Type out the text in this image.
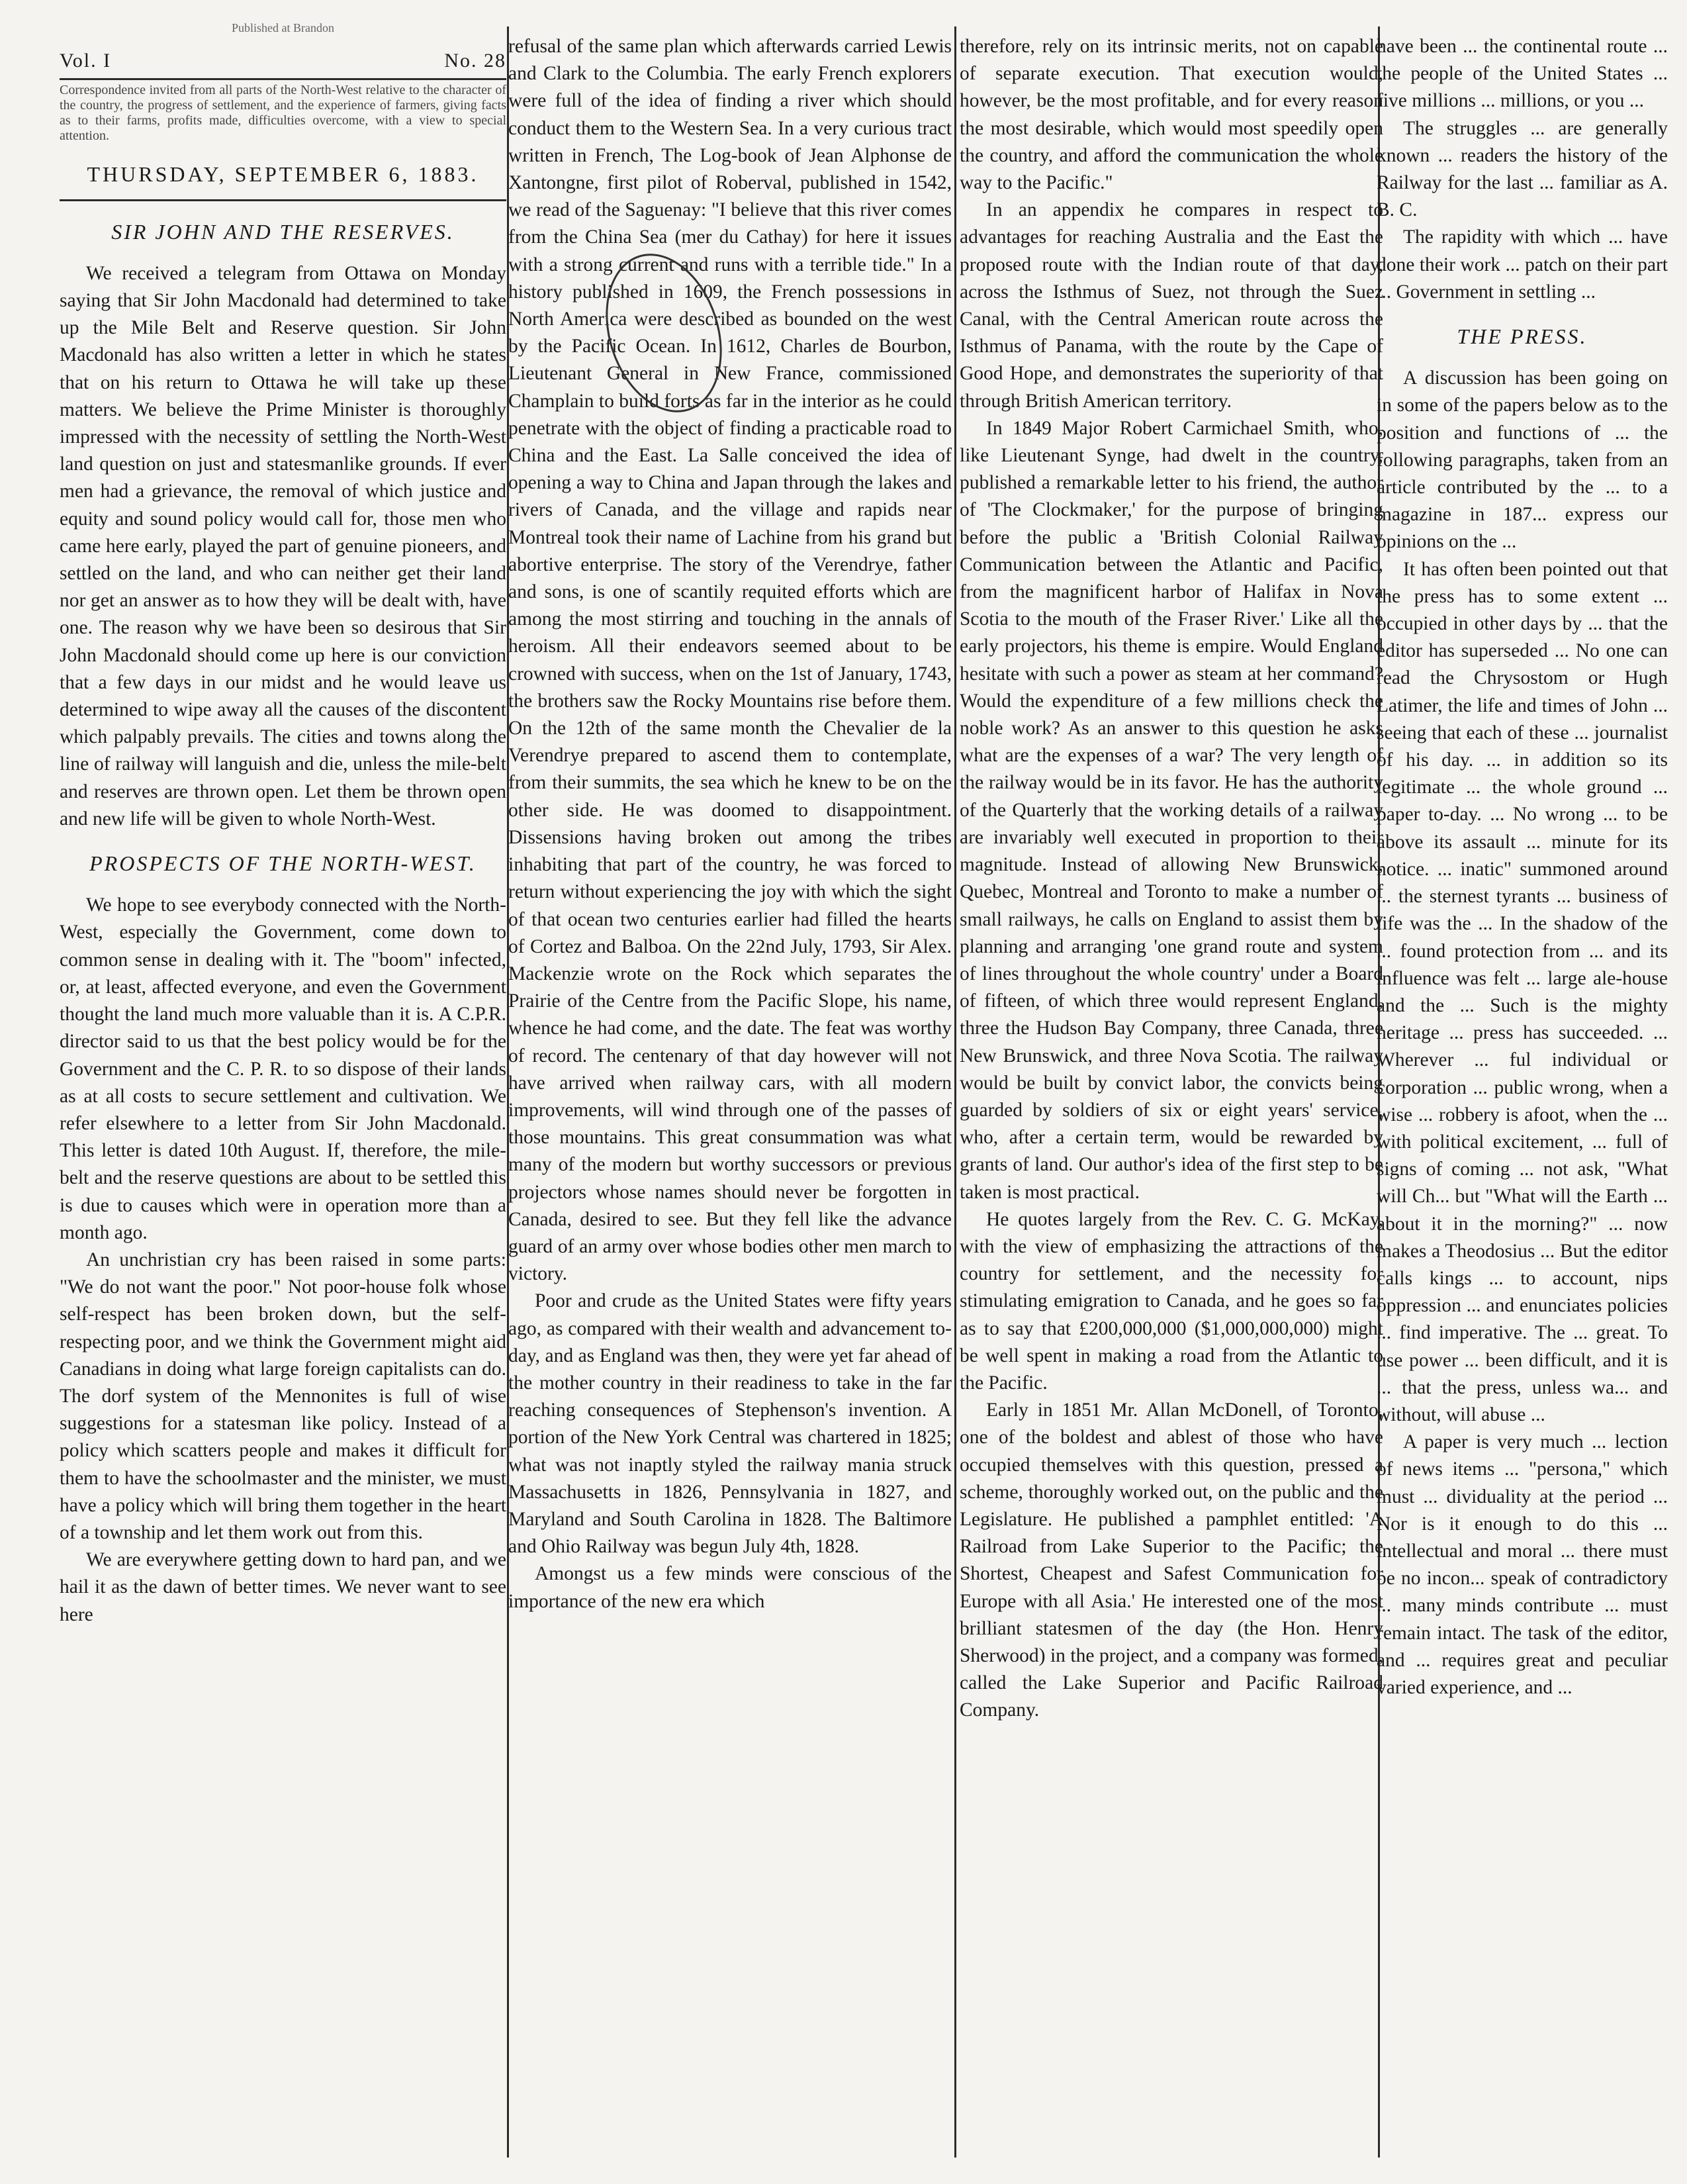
Published at Brandon
Vol. I	No. 28
Correspondence invited from all parts of the North-West relative to the character of the country, the progress of settlement, and the experience of farmers, giving facts as to their farms, profits made, difficulties overcome, with a view to special attention.
THURSDAY, SEPTEMBER 6, 1883.
SIR JOHN AND THE RESERVES.

We received a telegram from Ottawa on Monday saying that Sir John Macdonald had determined to take up the Mile Belt and Reserve question. Sir John Macdonald has also written a letter in which he states that on his return to Ottawa he will take up these matters. We believe the Prime Minister is thoroughly impressed with the necessity of settling the North-West land question on just and statesmanlike grounds. If ever men had a grievance, the removal of which justice and equity and sound policy would call for, those men who came here early, played the part of genuine pioneers, and settled on the land, and who can neither get their land nor get an answer as to how they will be dealt with, have one. The reason why we have been so desirous that Sir John Macdonald should come up here is our conviction that a few days in our midst and he would leave us determined to wipe away all the causes of the discontent which palpably prevails. The cities and towns along the line of railway will languish and die, unless the mile-belt and reserves are thrown open. Let them be thrown open and new life will be given to whole North-West.

PROSPECTS OF THE NORTH-WEST.

We hope to see everybody connected with the North-West, especially the Government, come down to common sense in dealing with it. The "boom" infected, or, at least, affected everyone, and even the Government thought the land much more valuable than it is. A C.P.R. director said to us that the best policy would be for the Government and the C. P. R. to so dispose of their lands as at all costs to secure settlement and cultivation. We refer elsewhere to a letter from Sir John Macdonald. This letter is dated 10th August. If, therefore, the mile-belt and the reserve questions are about to be settled this is due to causes which were in operation more than a month ago.

An unchristian cry has been raised in some parts: "We do not want the poor." Not poor-house folk whose self-respect has been broken down, but the self-respecting poor, and we think the Government might aid Canadians in doing what large foreign capitalists can do. The dorf system of the Mennonites is full of wise suggestions for a statesman like policy. Instead of a policy which scatters people and makes it difficult for them to have the schoolmaster and the minister, we must have a policy which will bring them together in the heart of a township and let them work out from this.

We are everywhere getting down to hard pan, and we hail it as the dawn of better times. We never want to see here

refusal of the same plan which afterwards carried Lewis and Clark to the Columbia. The early French explorers were full of the idea of finding a river which should conduct them to the Western Sea. In a very curious tract written in French, The Log-book of Jean Alphonse de Xantongne, first pilot of Roberval, published in 1542, we read of the Saguenay: "I believe that this river comes from the China Sea (mer du Cathay) for here it issues with a strong current and runs with a terrible tide." In a history published in 1609, the French possessions in North America were described as bounded on the west by the Pacific Ocean. In 1612, Charles de Bourbon, Lieutenant General in New France, commissioned Champlain to build forts as far in the interior as he could penetrate with the object of finding a practicable road to China and the East. La Salle conceived the idea of opening a way to China and Japan through the lakes and rivers of Canada, and the village and rapids near Montreal took their name of Lachine from his grand but abortive enterprise. The story of the Verendrye, father and sons, is one of scantily requited efforts which are among the most stirring and touching in the annals of heroism. All their endeavors seemed about to be crowned with success, when on the 1st of January, 1743, the brothers saw the Rocky Mountains rise before them. On the 12th of the same month the Chevalier de la Verendrye prepared to ascend them to contemplate, from their summits, the sea which he knew to be on the other side. He was doomed to disappointment. Dissensions having broken out among the tribes inhabiting that part of the country, he was forced to return without experiencing the joy with which the sight of that ocean two centuries earlier had filled the hearts of Cortez and Balboa. On the 22nd July, 1793, Sir Alex. Mackenzie wrote on the Rock which separates the Prairie of the Centre from the Pacific Slope, his name, whence he had come, and the date. The feat was worthy of record. The centenary of that day however will not have arrived when railway cars, with all modern improvements, will wind through one of the passes of those mountains. This great consummation was what many of the modern but worthy successors or previous projectors whose names should never be forgotten in Canada, desired to see. But they fell like the advance guard of an army over whose bodies other men march to victory.

Poor and crude as the United States were fifty years ago, as compared with their wealth and advancement to-day, and as England was then, they were yet far ahead of the mother country in their readiness to take in the far reaching consequences of Stephenson's invention. A portion of the New York Central was chartered in 1825; what was not inaptly styled the railway mania struck Massachusetts in 1826, Pennsylvania in 1827, and Maryland and South Carolina in 1828. The Baltimore and Ohio Railway was begun July 4th, 1828.

Amongst us a few minds were conscious of the importance of the new era which

therefore, rely on its intrinsic merits, not on capable of separate execution. That execution would, however, be the most profitable, and for every reason the most desirable, which would most speedily open the country, and afford the communication the whole way to the Pacific."

In an appendix he compares in respect to advantages for reaching Australia and the East the proposed route with the Indian route of that day, across the Isthmus of Suez, not through the Suez Canal, with the Central American route across the Isthmus of Panama, with the route by the Cape of Good Hope, and demonstrates the superiority of that through British American territory.

In 1849 Major Robert Carmichael Smith, who, like Lieutenant Synge, had dwelt in the country, published a remarkable letter to his friend, the author of 'The Clockmaker,' for the purpose of bringing before the public a 'British Colonial Railway Communication between the Atlantic and Pacific, from the magnificent harbor of Halifax in Nova Scotia to the mouth of the Fraser River.' Like all the early projectors, his theme is empire. Would England hesitate with such a power as steam at her command? Would the expenditure of a few millions check the noble work? As an answer to this question he asks what are the expenses of a war? The very length of the railway would be in its favor. He has the authority of the Quarterly that the working details of a railway are invariably well executed in proportion to their magnitude. Instead of allowing New Brunswick, Quebec, Montreal and Toronto to make a number of small railways, he calls on England to assist them by planning and arranging 'one grand route and system of lines throughout the whole country' under a Board of fifteen, of which three would represent England, three the Hudson Bay Company, three Canada, three New Brunswick, and three Nova Scotia. The railway would be built by convict labor, the convicts being guarded by soldiers of six or eight years' service, who, after a certain term, would be rewarded by grants of land. Our author's idea of the first step to be taken is most practical.

He quotes largely from the Rev. C. G. McKay, with the view of emphasizing the attractions of the country for settlement, and the necessity for stimulating emigration to Canada, and he goes so far as to say that £200,000,000 ($1,000,000,000) might be well spent in making a road from the Atlantic to the Pacific.

Early in 1851 Mr. Allan McDonell, of Toronto, one of the boldest and ablest of those who have occupied themselves with this question, pressed a scheme, thoroughly worked out, on the public and the Legislature. He published a pamphlet entitled: 'A Railroad from Lake Superior to the Pacific; the Shortest, Cheapest and Safest Communication for Europe with all Asia.' He interested one of the most brilliant statesmen of the day (the Hon. Henry Sherwood) in the project, and a company was formed, called the Lake Superior and Pacific Railroad Company.

have been ... the continental route ... the people of the United States ... five millions ... millions, or you ...

The struggles ... are generally known ... readers the history of the Railway for the last ... familiar as A. B. C.

The rapidity with which ... have done their work ... patch on their part ... Government in settling ...

THE PRESS.

A discussion has been going on in some of the papers below as to the position and functions of ... the following paragraphs, taken from an article contributed by the ... to a magazine in 187... express our opinions on the ...

It has often been pointed out that the press has to some extent ... occupied in other days by ... that the editor has superseded ... No one can read the Chrysostom or Hugh Latimer, the life and times of John ... seeing that each of these ... journalist of his day. ... in addition so its legitimate ... the whole ground ... paper to-day. ... No wrong ... to be above its assault ... minute for its notice. ... inatic" summoned around ... the sternest tyrants ... business of life was the ... In the shadow of the ... found protection from ... and its influence was felt ... large ale-house and the ... Such is the mighty heritage ... press has succeeded. ... Wherever ... ful individual or corporation ... public wrong, when a wise ... robbery is afoot, when the ... with political excitement, ... full of signs of coming ... not ask, "What will Ch... but "What will the Earth ... about it in the morning?" ... now makes a Theodosius ... But the editor calls kings ... to account, nips oppression ... and enunciates policies ... find imperative. The ... great. To use power ... been difficult, and it is ... that the press, unless wa... and without, will abuse ...

A paper is very much ... lection of news items ... "persona," which must ... dividuality at the period ... Nor is it enough to do this ... intellectual and moral ... there must be no incon... speak of contradictory ... many minds contribute ... must remain intact. The task of the editor, and ... requires great and peculiar varied experience, and ...
